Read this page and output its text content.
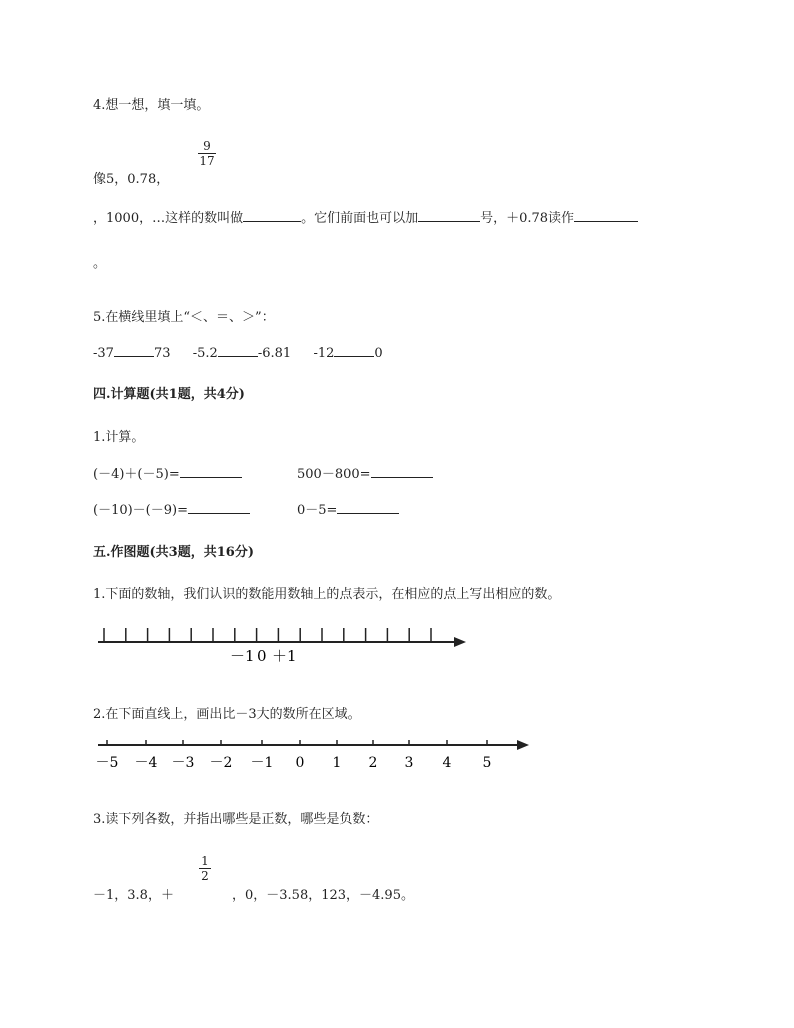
4.想一想，填一填。
9
17
像5，0.78，
，1000，…这样的数叫做	。它们前面也可以加	号，＋0.78读作
。
5.在横线里填上“＜、＝、＞”：
-37	73 -5.2	-6.81 -12	0
四.计算题(共1题，共4分)
1.计算。
(－4)＋(－5)=	500－800=
(－10)－(－9)=	0－5=
五.作图题(共3题，共16分)
1.下面的数轴，我们认识的数能用数轴上的点表示，在相应的点上写出相应的数。
－1 0 ＋1
2.在下面直线上，画出比－3大的数所在区域。
－5 －4 －3 －2 －1 0 1 2 3 4 5
3.读下列各数，并指出哪些是正数，哪些是负数：
1
2
－1，3.8，＋	，0，－3.58，123，－4.95。
